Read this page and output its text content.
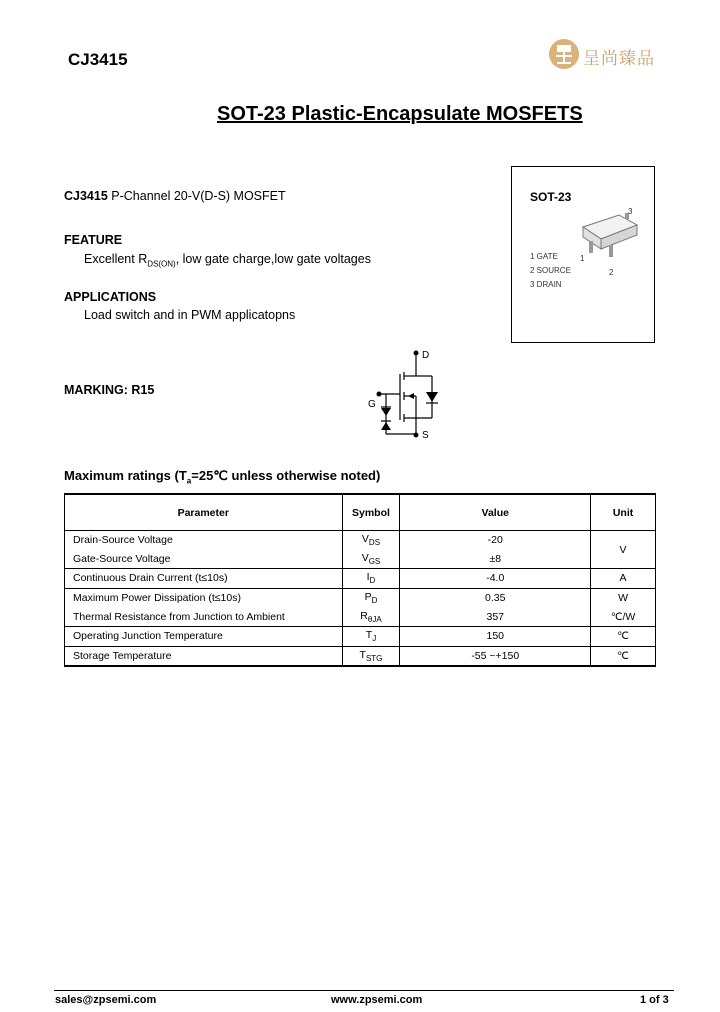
CJ3415	呈尚臻品
SOT-23 Plastic-Encapsulate MOSFETS
CJ3415 P-Channel 20-V(D-S) MOSFET
FEATURE
Excellent $R_{DS(ON)}$, low gate charge,low gate voltages
APPLICATIONS
Load switch and in PWM applicatopns
MARKING: R15
SOT-23
1
2
3
1 GATE
2 SOURCE
3 DRAIN
D
G
S
Maximum ratings ($T_a=25℃$ unless otherwise noted)
Parameter	Symbol	Value	Unit
Drain-Source Voltage	$V_{DS}$	-20	V
Gate-Source Voltage	$V_{GS}$	±8	
Continuous Drain Current (t≤10s)	$I_D$	-4.0	A
Maximum Power Dissipation (t≤10s)	$P_D$	0.35	W
Thermal Resistance from Junction to Ambient	$R_{\theta JA}$	357	℃/W
Operating Junction Temperature	$T_J$	150	℃
Storage Temperature	$T_{STG}$	-55 ~+150	℃
sales@zpsemi.com	www.zpsemi.com	1 of 3
